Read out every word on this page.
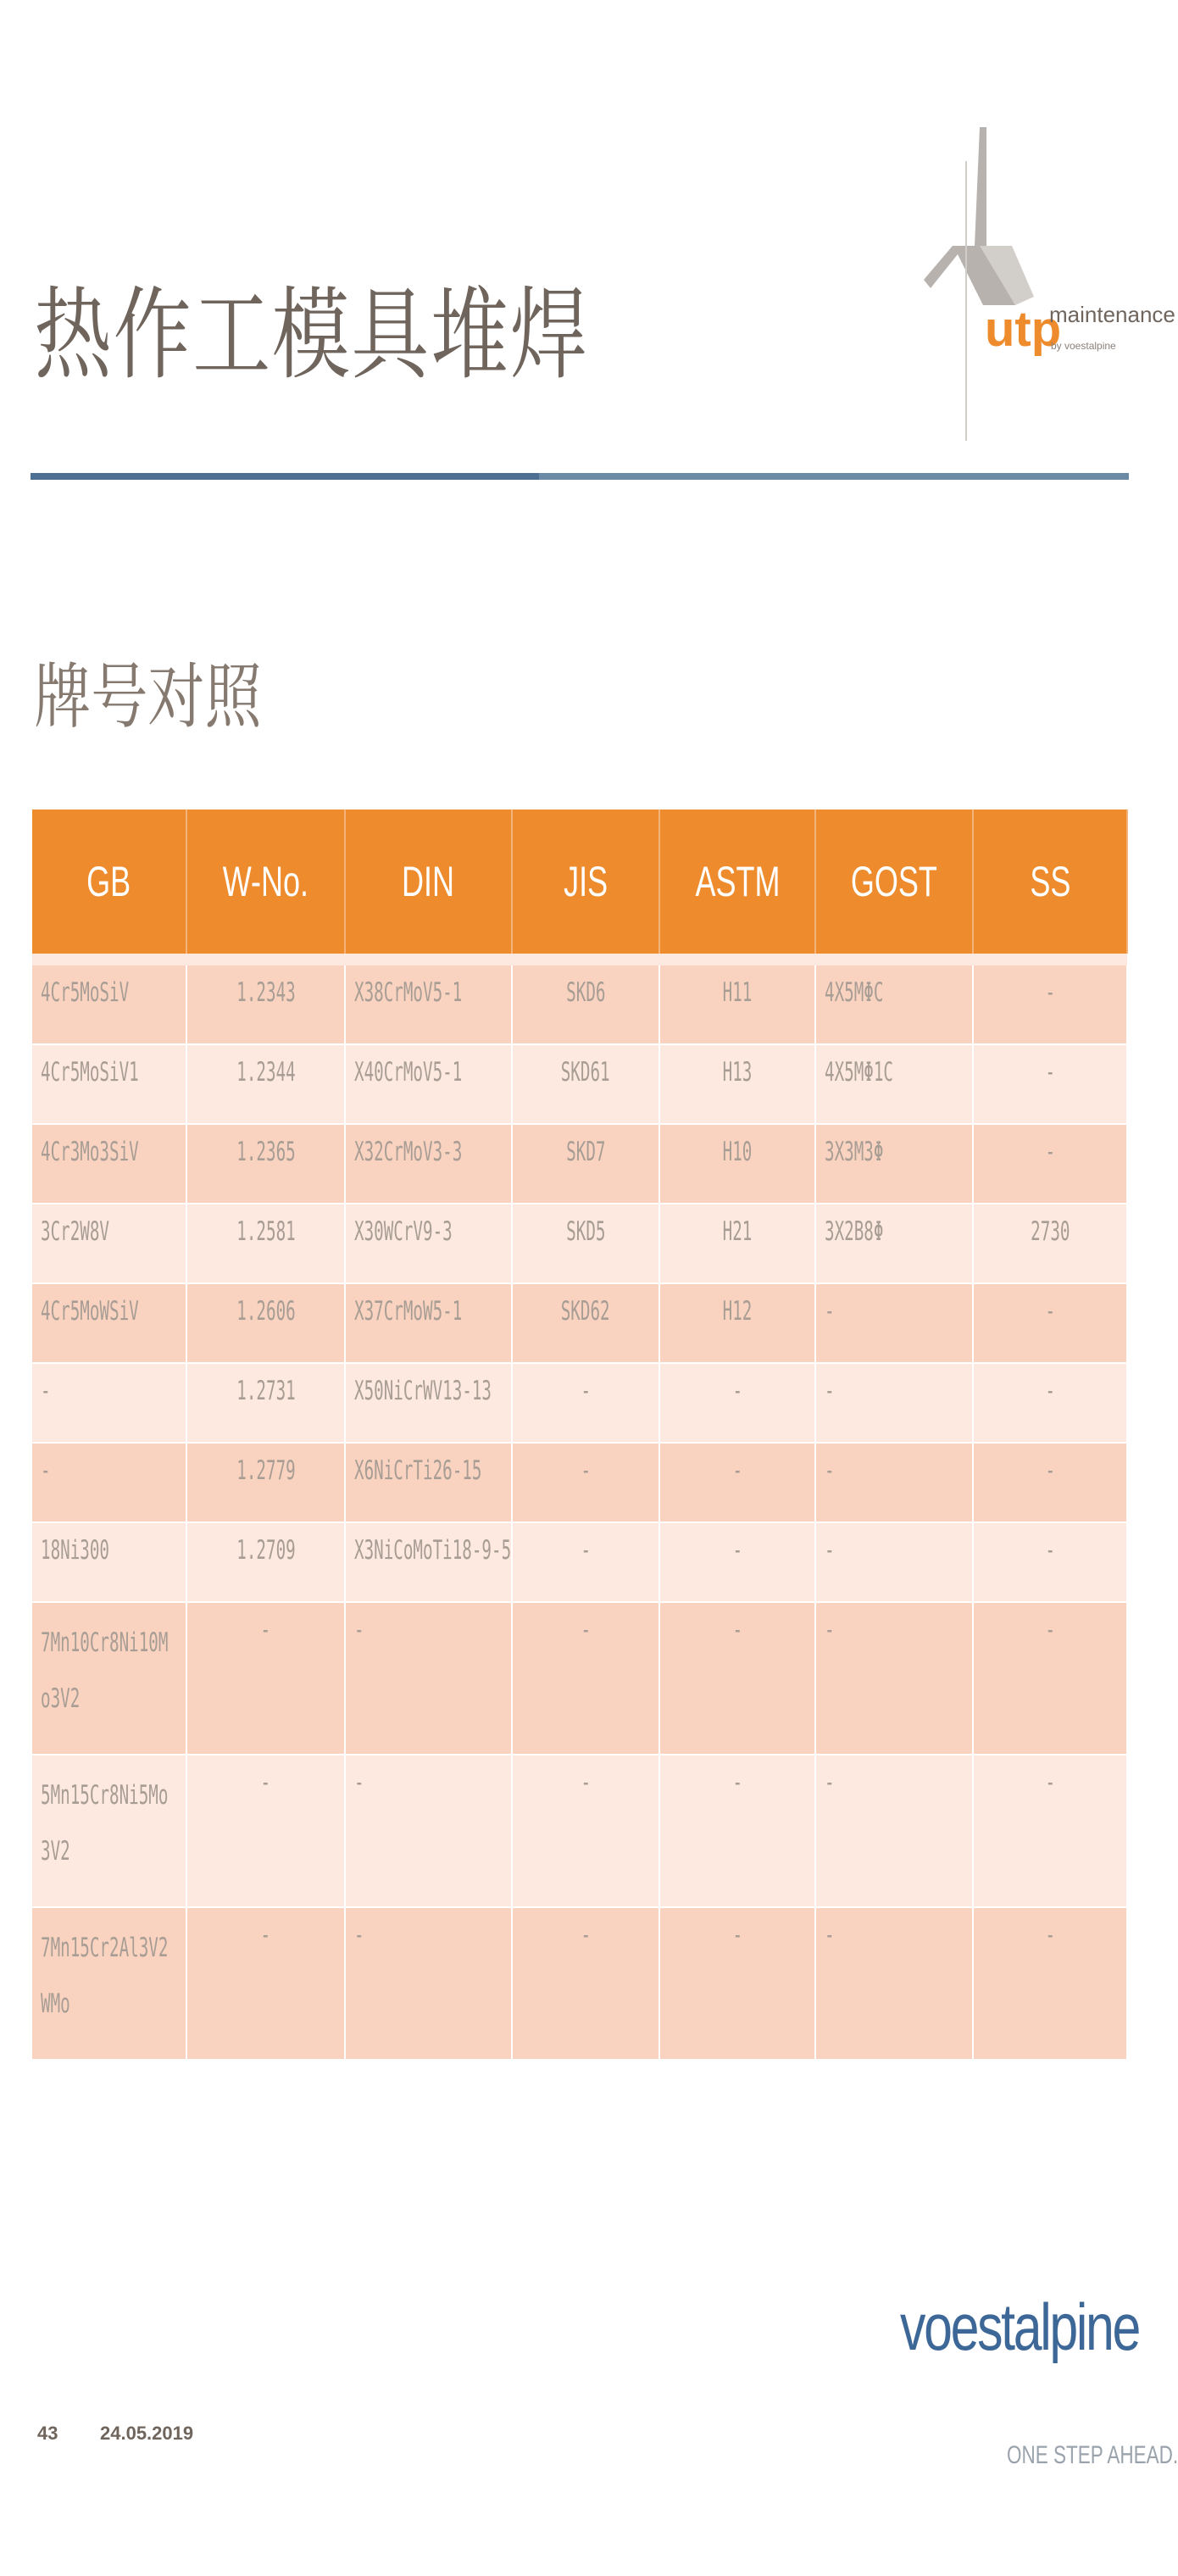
热作工模具堆焊	utp
maintenance
by voestalpine
牌号对照
GB	W-No.	DIN	JIS	ASTM	GOST	SS

4Cr5MoSiV	1.2343	X38CrMoV5-1	SKD6	H11	4X5MΦC	-
4Cr5MoSiV1	1.2344	X40CrMoV5-1	SKD61	H13	4X5MΦ1C	-
4Cr3Mo3SiV	1.2365	X32CrMoV3-3	SKD7	H10	3X3M3Φ	-
3Cr2W8V	1.2581	X30WCrV9-3	SKD5	H21	3X2B8Φ	2730
4Cr5MoWSiV	1.2606	X37CrMoW5-1	SKD62	H12	-	-
-	1.2731	X50NiCrWV13-13	-	-	-	-
-	1.2779	X6NiCrTi26-15	-	-	-	-
18Ni300	1.2709	X3NiCoMoTi18-9-5	-	-	-	-

7Mn10Cr8Ni10Mo3V2	-	-	-	-	-	-

5Mn15Cr8Ni5Mo3V2	-	-	-	-	-	-

7Mn15Cr2Al3V2WMo	-	-	-	-	-	-
43 24.05.2019
voestalpine
ONE STEP AHEAD.
